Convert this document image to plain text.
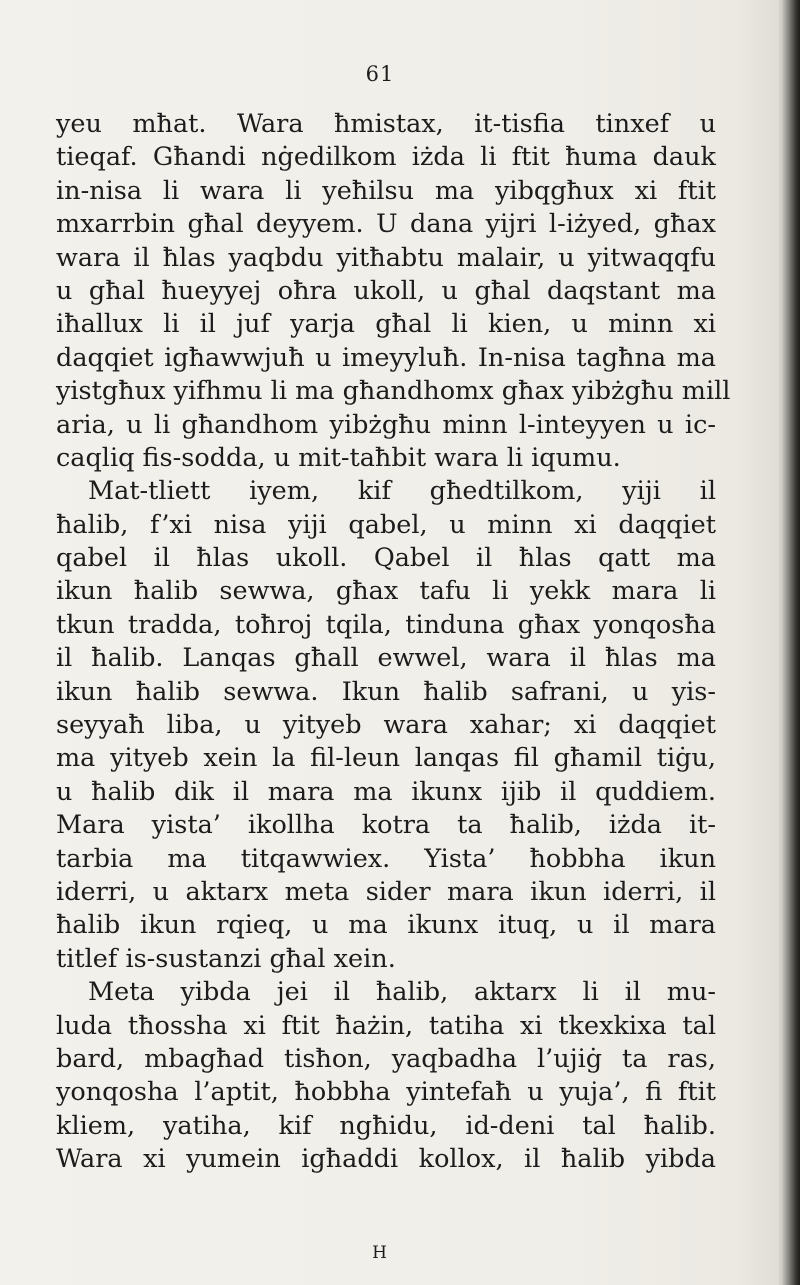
61
yeu mħat. Wara ħmistax, it-tisfia tinxef u
tieqaf. Għandi nġedilkom iżda li ftit ħuma dauk
in-nisa li wara li yeħilsu ma yibqgħux xi ftit
mxarrbin għal deyyem. U dana yijri l-iżyed, għax
wara il ħlas yaqbdu yitħabtu malair, u yitwaqqfu
u għal ħueyyej oħra ukoll, u għal daqstant ma
iħallux li il juf yarja għal li kien, u minn xi
daqqiet igħawwjuħ u imeyyluħ. In-nisa tagħna ma
yistgħux yifhmu li ma għandhomx għax yibżgħu mill
aria, u li għandhom yibżgħu minn l-inteyyen u ic-
caqliq fis-sodda, u mit-taħbit wara li iqumu.
Mat-tliett iyem, kif għedtilkom, yiji il
ħalib, f’xi nisa yiji qabel, u minn xi daqqiet
qabel il ħlas ukoll. Qabel il ħlas qatt ma
ikun ħalib sewwa, għax tafu li yekk mara li
tkun tradda, toħroj tqila, tinduna għax yonqosħa
il ħalib. Lanqas għall ewwel, wara il ħlas ma
ikun ħalib sewwa. Ikun ħalib safrani, u yis-
seyyaħ liba, u yityeb wara xahar; xi daqqiet
ma yityeb xein la fil-leun lanqas fil għamil tiġu,
u ħalib dik il mara ma ikunx ijib il quddiem.
Mara yista’ ikollha kotra ta ħalib, iżda it-
tarbia ma titqawwiex. Yista’ ħobbha ikun
iderri, u aktarx meta sider mara ikun iderri, il
ħalib ikun rqieq, u ma ikunx ituq, u il mara
titlef is-sustanzi għal xein.
Meta yibda jei il ħalib, aktarx li il mu-
luda tħossha xi ftit ħażin, tatiha xi tkexkixa tal
bard, mbagħad tisħon, yaqbadha l’ujiġ ta ras,
yonqosha l’aptit, ħobbha yintefaħ u yuja’, fi ftit
kliem, yatiha, kif ngħidu, id-deni tal ħalib.
Wara xi yumein igħaddi kollox, il ħalib yibda
H
